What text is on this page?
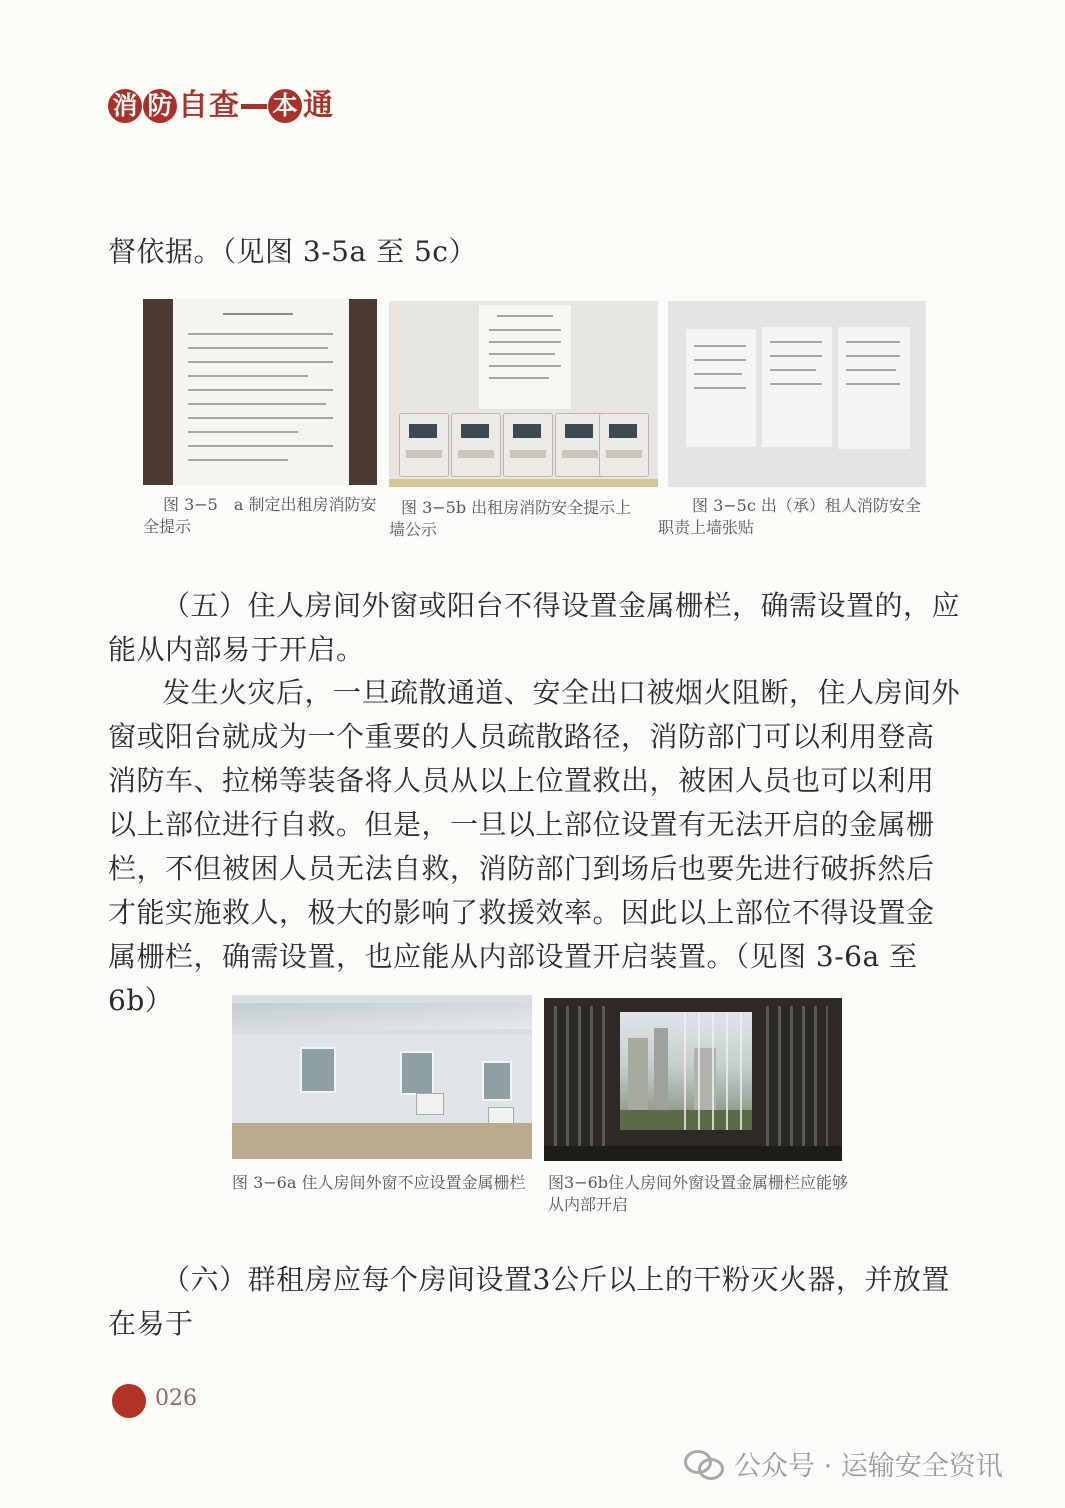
消 防 自 查 本 通

督依据。（见图 3-5a 至 5c）

图 3−5　a 制定出租房消防安全提示

图 3−5b 出租房消防安全提示上墙公示

图 3−5c 出（承）租人消防安全职责上墙张贴

（五）住人房间外窗或阳台不得设置金属栅栏，确需设置的，应能从内部易于开启。

发生火灾后，一旦疏散通道、安全出口被烟火阻断，住人房间外窗或阳台就成为一个重要的人员疏散路径，消防部门可以利用登高消防车、拉梯等装备将人员从以上位置救出，被困人员也可以利用以上部位进行自救。但是，一旦以上部位设置有无法开启的金属栅栏，不但被困人员无法自救，消防部门到场后也要先进行破拆然后才能实施救人，极大的影响了救援效率。因此以上部位不得设置金属栅栏，确需设置，也应能从内部设置开启装置。（见图 3-6a 至 6b）

图 3−6a 住人房间外窗不应设置金属栅栏	图3−6b住人房间外窗设置金属栅栏应能够从内部开启

（六）群租房应每个房间设置3公斤以上的干粉灭火器，并放置在易于

026
公众号 · 运输安全资讯
